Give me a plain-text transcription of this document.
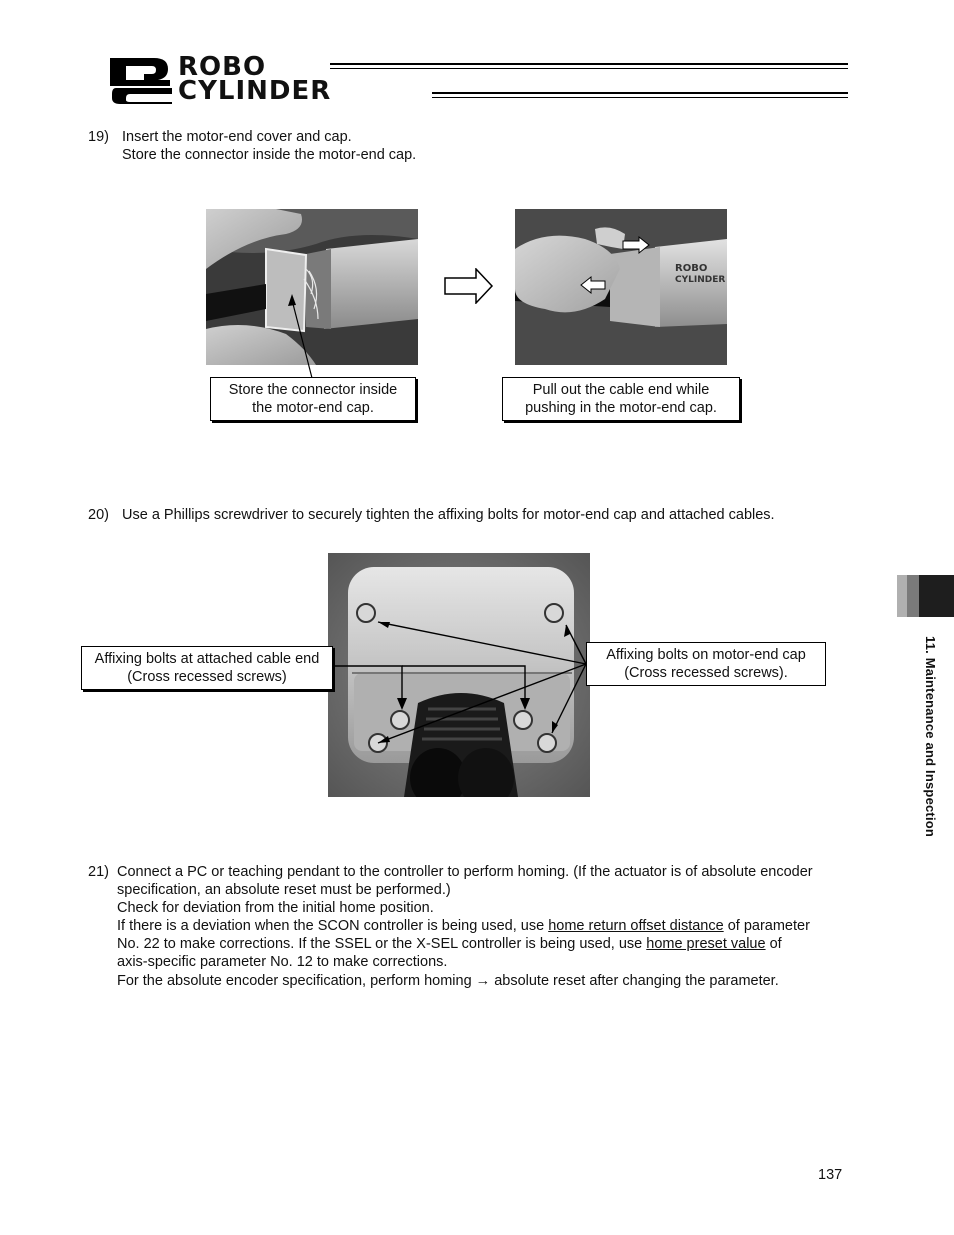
ROBO
CYLINDER
19) Insert the motor-end cover and cap.
Store the connector inside the motor-end cap.
ROBO
CYLINDER
Store the connector inside
the motor-end cap.
Pull out the cable end while
pushing in the motor-end cap.
20) Use a Phillips screwdriver to securely tighten the affixing bolts for motor-end cap and attached cables.
Affixing bolts at attached cable end
(Cross recessed screws)
Affixing bolts on motor-end cap
(Cross recessed screws).
21) Connect a PC or teaching pendant to the controller to perform homing. (If the actuator is of absolute encoder
specification, an absolute reset must be performed.)
Check for deviation from the initial home position.
If there is a deviation when the SCON controller is being used, use home return offset distance of parameter
No. 22 to make corrections. If the SSEL or the X-SEL controller is being used, use home preset value of
axis-specific parameter No. 12 to make corrections.
For the absolute encoder specification, perform homing → absolute reset after changing the parameter.
11. Maintenance and Inspection
137
